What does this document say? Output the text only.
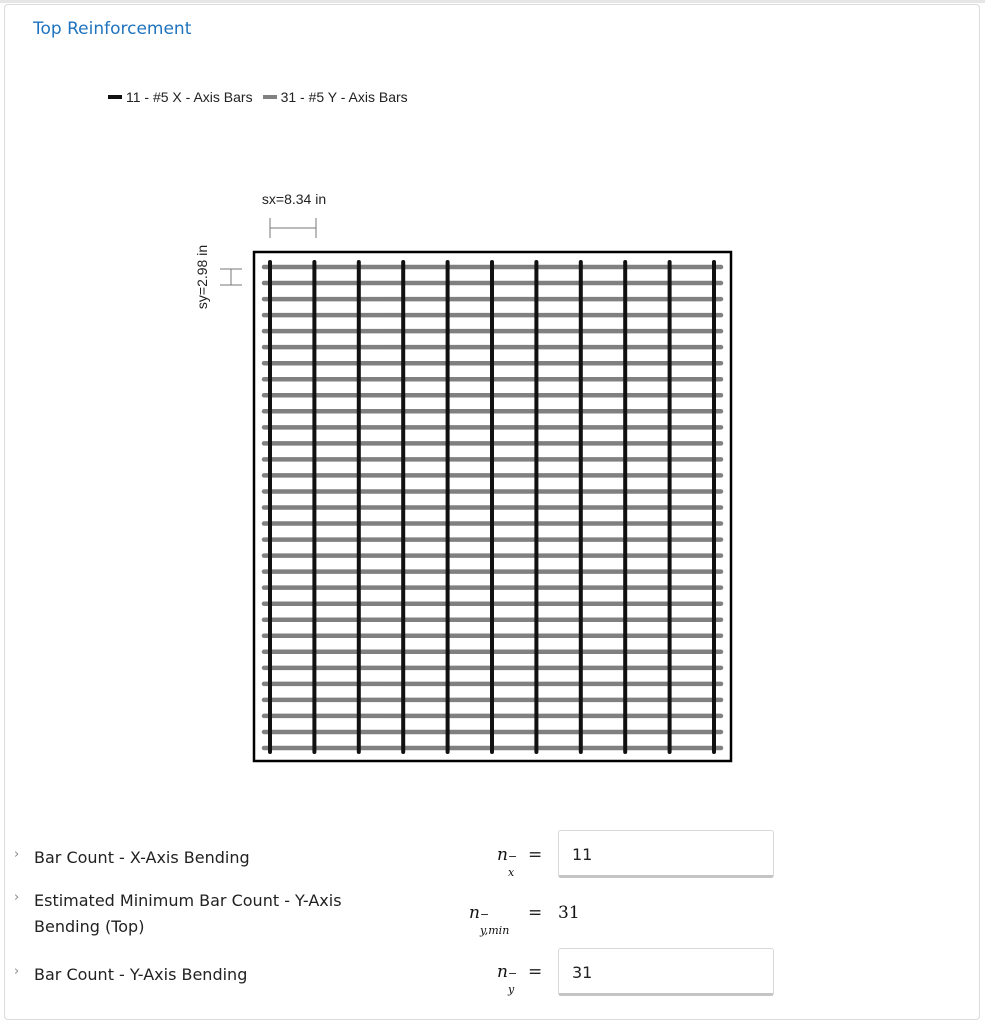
Top Reinforcement
11 - #5 X - Axis Bars 31 - #5 Y - Axis Bars
sx=8.34 in
sy=2.98 in
› Bar Count - X-Axis Bending	n −
x
=	11
› Estimated Minimum Bar Count - Y-Axis Bending (Top)
n −
y,min
= 31
› Bar Count - Y-Axis Bending	n −
y
=	31
